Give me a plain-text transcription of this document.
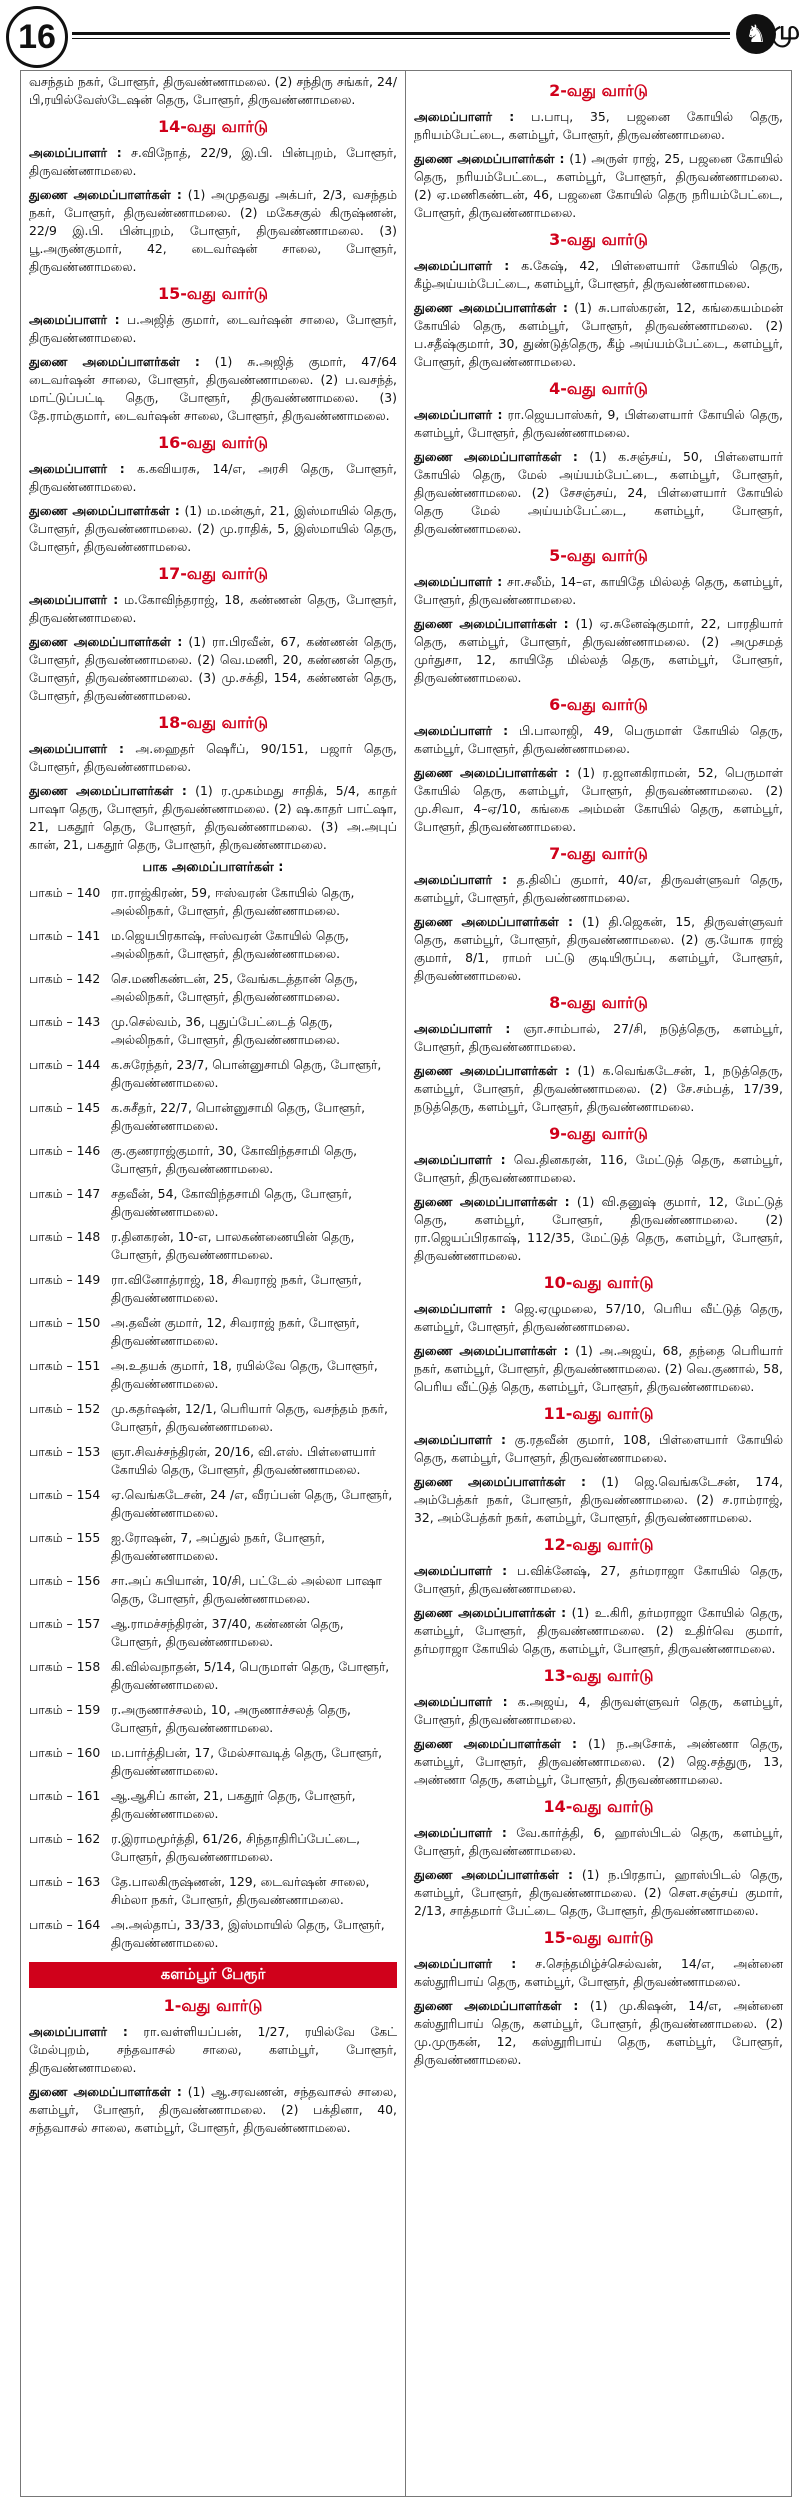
16	♞ மு

வசந்தம் நகர், போளூர், திருவண்ணாமலை. (2) சந்திரு சங்கர், 24/பி,ரயில்வேஸ்டேஷன் தெரு, போளூர், திருவண்ணாமலை.

14-வது வார்டு

அமைப்பாளர் : ச.விநோத், 22/9, இ.பி. பின்புறம், போளூர், திருவண்ணாமலை.

துணை அமைப்பாளர்கள் : (1) அமுதவது அக்பர், 2/3, வசந்தம் நகர், போளூர், திருவண்ணாமலை. (2) மகேசகுல் கிருஷ்ணன், 22/9 இ.பி. பின்புறம், போளூர், திருவண்ணாமலை. (3) பூ.அருண்குமார், 42, டைவர்ஷன் சாலை, போளூர், திருவண்ணாமலை.

15-வது வார்டு

அமைப்பாளர் : ப.அஜித் குமார், டைவர்ஷன் சாலை, போளூர், திருவண்ணாமலை.

துணை அமைப்பாளர்கள் : (1) சு.அஜித் குமார், 47/64 டைவர்ஷன் சாலை, போளூர், திருவண்ணாமலை. (2) ப.வசந்த், மாட்டுப்பட்டி தெரு, போளூர், திருவண்ணாமலை. (3) தே.ராம்குமார், டைவர்ஷன் சாலை, போளூர், திருவண்ணாமலை.

16-வது வார்டு

அமைப்பாளர் : க.கவியரசு, 14/எ, அரசி தெரு, போளூர், திருவண்ணாமலை.

துணை அமைப்பாளர்கள் : (1) ம.மன்சூர், 21, இஸ்மாயில் தெரு, போளூர், திருவண்ணாமலை. (2) மு.ராதிக், 5, இஸ்மாயில் தெரு, போளூர், திருவண்ணாமலை.

17-வது வார்டு

அமைப்பாளர் : ம.கோவிந்தராஜ், 18, கண்ணன் தெரு, போளூர், திருவண்ணாமலை.

துணை அமைப்பாளர்கள் : (1) ரா.பிரவீன், 67, கண்ணன் தெரு, போளூர், திருவண்ணாமலை. (2) வெ.மணி, 20, கண்ணன் தெரு, போளூர், திருவண்ணாமலை. (3) மு.சக்தி, 154, கண்ணன் தெரு, போளூர், திருவண்ணாமலை.

18-வது வார்டு

அமைப்பாளர் : அ.ஹைதர் ஷெரீப், 90/151, பஜார் தெரு, போளூர், திருவண்ணாமலை.

துணை அமைப்பாளர்கள் : (1) ர.முகம்மது சாதிக், 5/4, காதர் பாஷா தெரு, போளூர், திருவண்ணாமலை. (2) ஷ.காதர் பாட்ஷா, 21, பகதூர் தெரு, போளூர், திருவண்ணாமலை. (3) அ.அபுப் கான், 21, பகதூர் தெரு, போளூர், திருவண்ணாமலை.

பாக அமைப்பாளர்கள் :
பாகம் – 140 ரா.ராஜ்கிரண், 59, ஈஸ்வரன் கோயில் தெரு, அல்லிநகர், போளூர், திருவண்ணாமலை.
பாகம் – 141 ம.ஜெயபிரகாஷ், ஈஸ்வரன் கோயில் தெரு, அல்லிநகர், போளூர், திருவண்ணாமலை.
பாகம் – 142 செ.மணிகண்டன், 25, வேங்கடத்தான் தெரு, அல்லிநகர், போளூர், திருவண்ணாமலை.
பாகம் – 143 மு.செல்வம், 36, புதுப்பேட்டைத் தெரு, அல்லிநகர், போளூர், திருவண்ணாமலை.
பாகம் – 144 க.சுரேந்தர், 23/7, பொன்னுசாமி தெரு, போளூர், திருவண்ணாமலை.
பாகம் – 145 க.சுசீதர், 22/7, பொன்னுசாமி தெரு, போளூர், திருவண்ணாமலை.
பாகம் – 146 கு.குணராஜ்குமார், 30, கோவிந்தசாமி தெரு, போளூர், திருவண்ணாமலை.
பாகம் – 147 சதவீன், 54, கோவிந்தசாமி தெரு, போளூர், திருவண்ணாமலை.
பாகம் – 148 ர.தினகரன், 10-எ, பாலகண்ணையின் தெரு, போளூர், திருவண்ணாமலை.
பாகம் – 149 ரா.வினோத்ராஜ், 18, சிவராஜ் நகர், போளூர், திருவண்ணாமலை.
பாகம் – 150 அ.தவீன் குமார், 12, சிவராஜ் நகர், போளூர், திருவண்ணாமலை.
பாகம் – 151 அ.உதயக் குமார், 18, ரயில்வே தெரு, போளூர், திருவண்ணாமலை.
பாகம் – 152 மு.கதர்ஷன், 12/1, பெரியார் தெரு, வசந்தம் நகர், போளூர், திருவண்ணாமலை.
பாகம் – 153 ஞா.சிவச்சந்திரன், 20/16, வி.எஸ். பிள்ளையார் கோயில் தெரு, போளூர், திருவண்ணாமலை.
பாகம் – 154 ஏ.வெங்கடேசன், 24 /எ, வீரப்பன் தெரு, போளூர், திருவண்ணாமலை.
பாகம் – 155 ஐ.ரோஷன், 7, அப்துல் நகர், போளூர், திருவண்ணாமலை.
பாகம் – 156 சா.அப் சுபியான், 10/சி, பட்டேல் அல்லா பாஷா தெரு, போளூர், திருவண்ணாமலை.
பாகம் – 157 ஆ.ராமச்சந்திரன், 37/40, கண்ணன் தெரு, போளூர், திருவண்ணாமலை.
பாகம் – 158 கி.வில்வநாதன், 5/14, பெருமாள் தெரு, போளூர், திருவண்ணாமலை.
பாகம் – 159 ர.அருணாச்சலம், 10, அருணாச்சலத் தெரு, போளூர், திருவண்ணாமலை.
பாகம் – 160 ம.பார்த்திபன், 17, மேல்சாவடித் தெரு, போளூர், திருவண்ணாமலை.
பாகம் – 161 ஆ.ஆசிப் கான், 21, பகதூர் தெரு, போளூர், திருவண்ணாமலை.
பாகம் – 162 ர.இராமமூர்த்தி, 61/26, சிந்தாதிரிப்பேட்டை, போளூர், திருவண்ணாமலை.
பாகம் – 163 தே.பாலகிருஷ்ணன், 129, டைவர்ஷன் சாலை, சிம்லா நகர், போளூர், திருவண்ணாமலை.
பாகம் – 164 அ.அல்தாப், 33/33, இஸ்மாயில் தெரு, போளூர், திருவண்ணாமலை.
களம்பூர் பேரூர்
1-வது வார்டு

அமைப்பாளர் : ரா.வள்ளியப்பன், 1/27, ரயில்வே கேட் மேல்புறம், சந்தவாசல் சாலை, களம்பூர், போளூர், திருவண்ணாமலை.

துணை அமைப்பாளர்கள் : (1) ஆ.சரவணன், சந்தவாசல் சாலை, களம்பூர், போளூர், திருவண்ணாமலை. (2) பக்தினா, 40, சந்தவாசல் சாலை, களம்பூர், போளூர், திருவண்ணாமலை.

2-வது வார்டு

அமைப்பாளர் : ப.பாபு, 35, பஜனை கோயில் தெரு, நரியம்பேட்டை, களம்பூர், போளூர், திருவண்ணாமலை.

துணை அமைப்பாளர்கள் : (1) அருள் ராஜ், 25, பஜனை கோயில் தெரு, நரியம்பேட்டை, களம்பூர், போளூர், திருவண்ணாமலை. (2) ஏ.மணிகண்டன், 46, பஜனை கோயில் தெரு நரியம்பேட்டை, போளூர், திருவண்ணாமலை.

3-வது வார்டு

அமைப்பாளர் : க.கேஷ், 42, பிள்ளையார் கோயில் தெரு, கீழ்அய்யம்பேட்டை, களம்பூர், போளூர், திருவண்ணாமலை.

துணை அமைப்பாளர்கள் : (1) சு.பாஸ்கரன், 12, கங்கையம்மன் கோயில் தெரு, களம்பூர், போளூர், திருவண்ணாமலை. (2) ப.சதீஷ்குமார், 30, துண்டுத்தெரு, கீழ் அய்யம்பேட்டை, களம்பூர், போளூர், திருவண்ணாமலை.

4-வது வார்டு

அமைப்பாளர் : ரா.ஜெயபாஸ்கர், 9, பிள்ளையார் கோயில் தெரு, களம்பூர், போளூர், திருவண்ணாமலை.

துணை அமைப்பாளர்கள் : (1) க.சஞ்சய், 50, பிள்ளையார் கோயில் தெரு, மேல் அய்யம்பேட்டை, களம்பூர், போளூர், திருவண்ணாமலை. (2) சேசஞ்சய், 24, பிள்ளையார் கோயில் தெரு மேல் அய்யம்பேட்டை, களம்பூர், போளூர், திருவண்ணாமலை.

5-வது வார்டு

அமைப்பாளர் : சா.சலீம், 14–எ, காயிதே மில்லத் தெரு, களம்பூர், போளூர், திருவண்ணாமலை.

துணை அமைப்பாளர்கள் : (1) ஏ.சுனேஷ்குமார், 22, பாரதியார் தெரு, களம்பூர், போளூர், திருவண்ணாமலை. (2) அமுசமத் முர்துசா, 12, காயிதே மில்லத் தெரு, களம்பூர், போளூர், திருவண்ணாமலை.

6-வது வார்டு

அமைப்பாளர் : பி.பாலாஜி, 49, பெருமாள் கோயில் தெரு, களம்பூர், போளூர், திருவண்ணாமலை.

துணை அமைப்பாளர்கள் : (1) ர.ஜானகிராமன், 52, பெருமாள் கோயில் தெரு, களம்பூர், போளூர், திருவண்ணாமலை. (2) மு.சிவா, 4–ஏ/10, கங்கை அம்மன் கோயில் தெரு, களம்பூர், போளூர், திருவண்ணாமலை.

7-வது வார்டு

அமைப்பாளர் : த.திலிப் குமார், 40/எ, திருவள்ளுவர் தெரு, களம்பூர், போளூர், திருவண்ணாமலை.

துணை அமைப்பாளர்கள் : (1) தி.ஜெகன், 15, திருவள்ளுவர் தெரு, களம்பூர், போளூர், திருவண்ணாமலை. (2) கு.யோக ராஜ் குமார், 8/1, ராமர் பட்டு குடியிருப்பு, களம்பூர், போளூர், திருவண்ணாமலை.

8-வது வார்டு

அமைப்பாளர் : ஞா.சாம்பால், 27/சி, நடுத்தெரு, களம்பூர், போளூர், திருவண்ணாமலை.

துணை அமைப்பாளர்கள் : (1) க.வெங்கடேசன், 1, நடுத்தெரு, களம்பூர், போளூர், திருவண்ணாமலை. (2) சே.சம்பத், 17/39, நடுத்தெரு, களம்பூர், போளூர், திருவண்ணாமலை.

9-வது வார்டு

அமைப்பாளர் : வெ.தினகரன், 116, மேட்டுத் தெரு, களம்பூர், போளூர், திருவண்ணாமலை.

துணை அமைப்பாளர்கள் : (1) வி.தனுஷ் குமார், 12, மேட்டுத் தெரு, களம்பூர், போளூர், திருவண்ணாமலை. (2) ரா.ஜெயப்பிரகாஷ், 112/35, மேட்டுத் தெரு, களம்பூர், போளூர், திருவண்ணாமலை.

10-வது வார்டு

அமைப்பாளர் : ஜெ.ஏழுமலை, 57/10, பெரிய வீட்டுத் தெரு, களம்பூர், போளூர், திருவண்ணாமலை.

துணை அமைப்பாளர்கள் : (1) அ.அஜய், 68, தந்தை பெரியார் நகர், களம்பூர், போளூர், திருவண்ணாமலை. (2) வெ.குணால், 58, பெரிய வீட்டுத் தெரு, களம்பூர், போளூர், திருவண்ணாமலை.

11-வது வார்டு

அமைப்பாளர் : கு.ரதவீன் குமார், 108, பிள்ளையார் கோயில் தெரு, களம்பூர், போளூர், திருவண்ணாமலை.

துணை அமைப்பாளர்கள் : (1) ஜெ.வெங்கடேசன், 174, அம்பேத்கர் நகர், போளூர், திருவண்ணாமலை. (2) ச.ராம்ராஜ், 32, அம்பேத்கர் நகர், களம்பூர், போளூர், திருவண்ணாமலை.

12-வது வார்டு

அமைப்பாளர் : ப.விக்னேஷ், 27, தர்மராஜா கோயில் தெரு, போளூர், திருவண்ணாமலை.

துணை அமைப்பாளர்கள் : (1) உ.கிரி, தர்மராஜா கோயில் தெரு, களம்பூர், போளூர், திருவண்ணாமலை. (2) உதிர்வெ குமார், தர்மராஜா கோயில் தெரு, களம்பூர், போளூர், திருவண்ணாமலை.

13-வது வார்டு

அமைப்பாளர் : க.அஜய், 4, திருவள்ளுவர் தெரு, களம்பூர், போளூர், திருவண்ணாமலை.

துணை அமைப்பாளர்கள் : (1) ந.அசோக், அண்ணா தெரு, களம்பூர், போளூர், திருவண்ணாமலை. (2) ஜெ.சத்துரு, 13, அண்ணா தெரு, களம்பூர், போளூர், திருவண்ணாமலை.

14-வது வார்டு

அமைப்பாளர் : வே.கார்த்தி, 6, ஹாஸ்பிடல் தெரு, களம்பூர், போளூர், திருவண்ணாமலை.

துணை அமைப்பாளர்கள் : (1) ந.பிரதாப், ஹாஸ்பிடல் தெரு, களம்பூர், போளூர், திருவண்ணாமலை. (2) செள.சஞ்சய் குமார், 2/13, சாத்தமார் பேட்டை தெரு, போளூர், திருவண்ணாமலை.

15-வது வார்டு

அமைப்பாளர் : ச.செந்தமிழ்ச்செல்வன், 14/எ, அன்னை கஸ்தூரிபாய் தெரு, களம்பூர், போளூர், திருவண்ணாமலை.

துணை அமைப்பாளர்கள் : (1) மு.கிஷன், 14/எ, அன்னை கஸ்தூரிபாய் தெரு, களம்பூர், போளூர், திருவண்ணாமலை. (2) மு.முருகன், 12, கஸ்தூரிபாய் தெரு, களம்பூர், போளூர், திருவண்ணாமலை.
